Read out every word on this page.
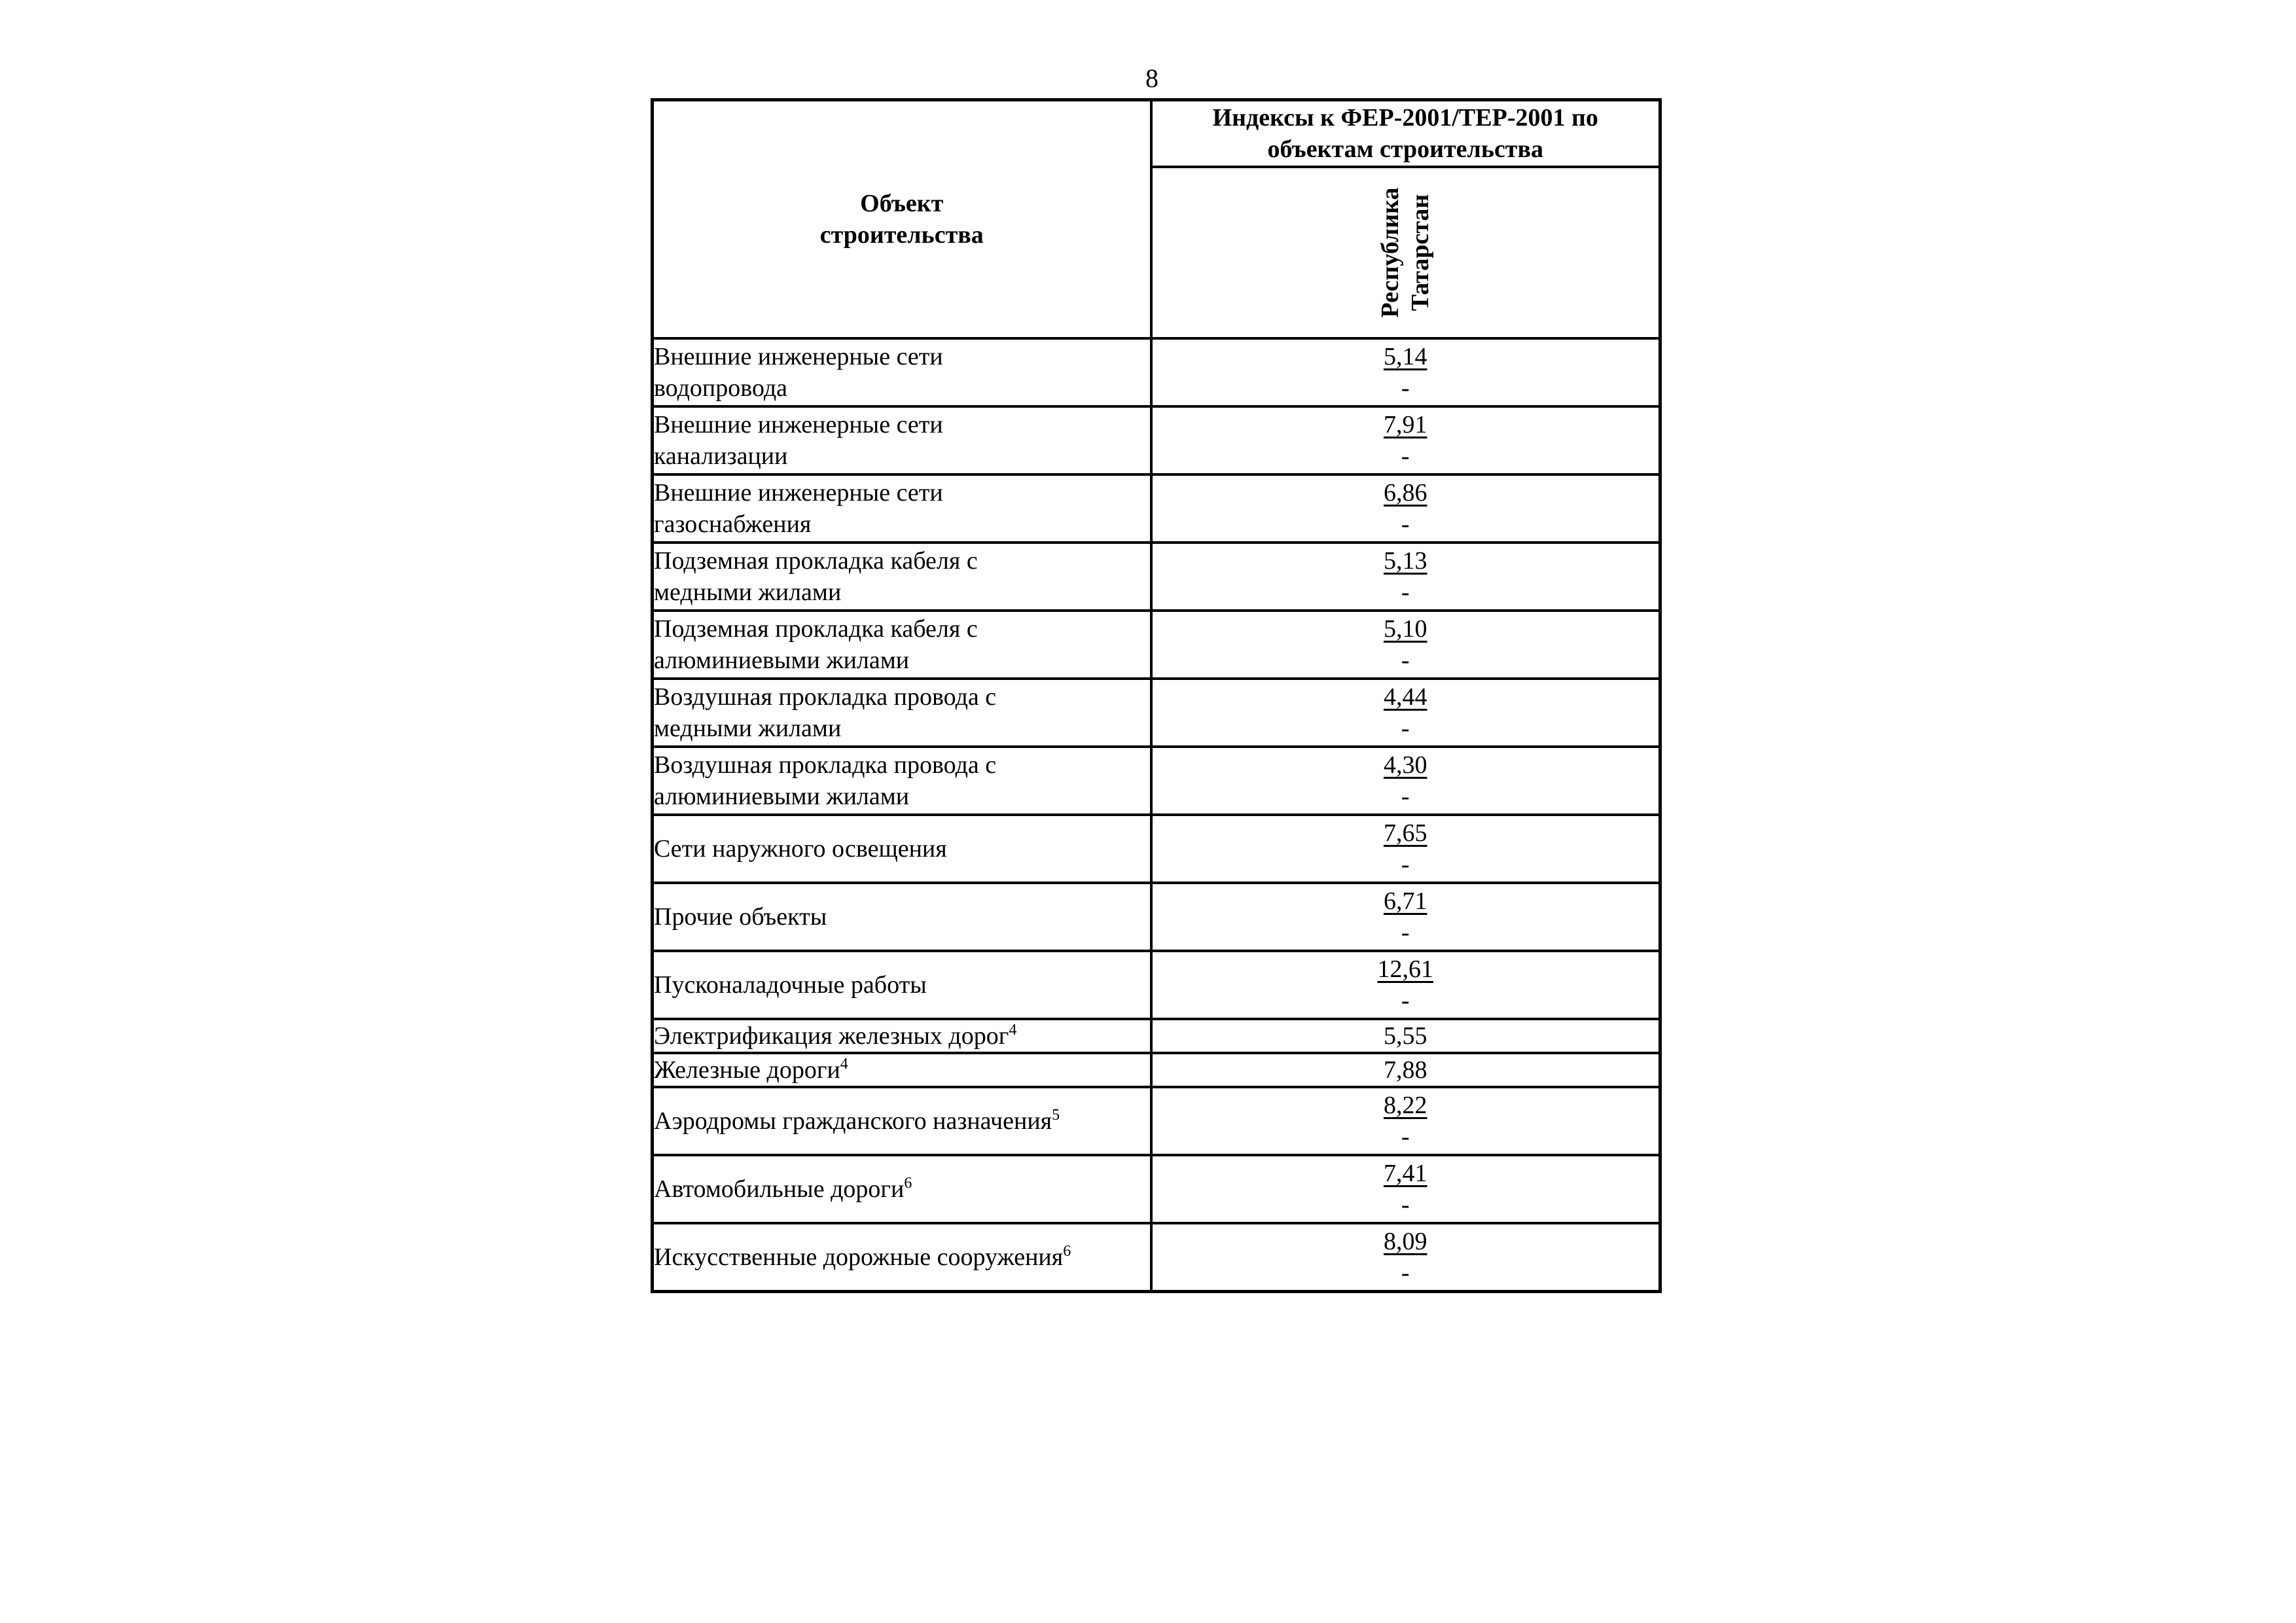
8
Объект
строительства	Индексы к ФЕР-2001/ТЕР-2001 по
объектам строительства

	Республика Татарстан

Внешние инженерные сети
водопровода	5,14
-

Внешние инженерные сети
канализации	7,91
-

Внешние инженерные сети
газоснабжения	6,86
-

Подземная прокладка кабеля с
медными жилами	5,13
-

Подземная прокладка кабеля с
алюминиевыми жилами	5,10
-

Воздушная прокладка провода с
медными жилами	4,44
-

Воздушная прокладка провода с
алюминиевыми жилами	4,30
-

Сети наружного освещения	7,65
-

Прочие объекты	6,71
-

Пусконаладочные работы	12,61
-

Электрификация железных дорог$^4$	5,55

Железные дороги$^4$	7,88

Аэродромы гражданского назначения$^5$	8,22
-

Автомобильные дороги$^6$	7,41
-

Искусственные дорожные сооружения$^6$	8,09
-
